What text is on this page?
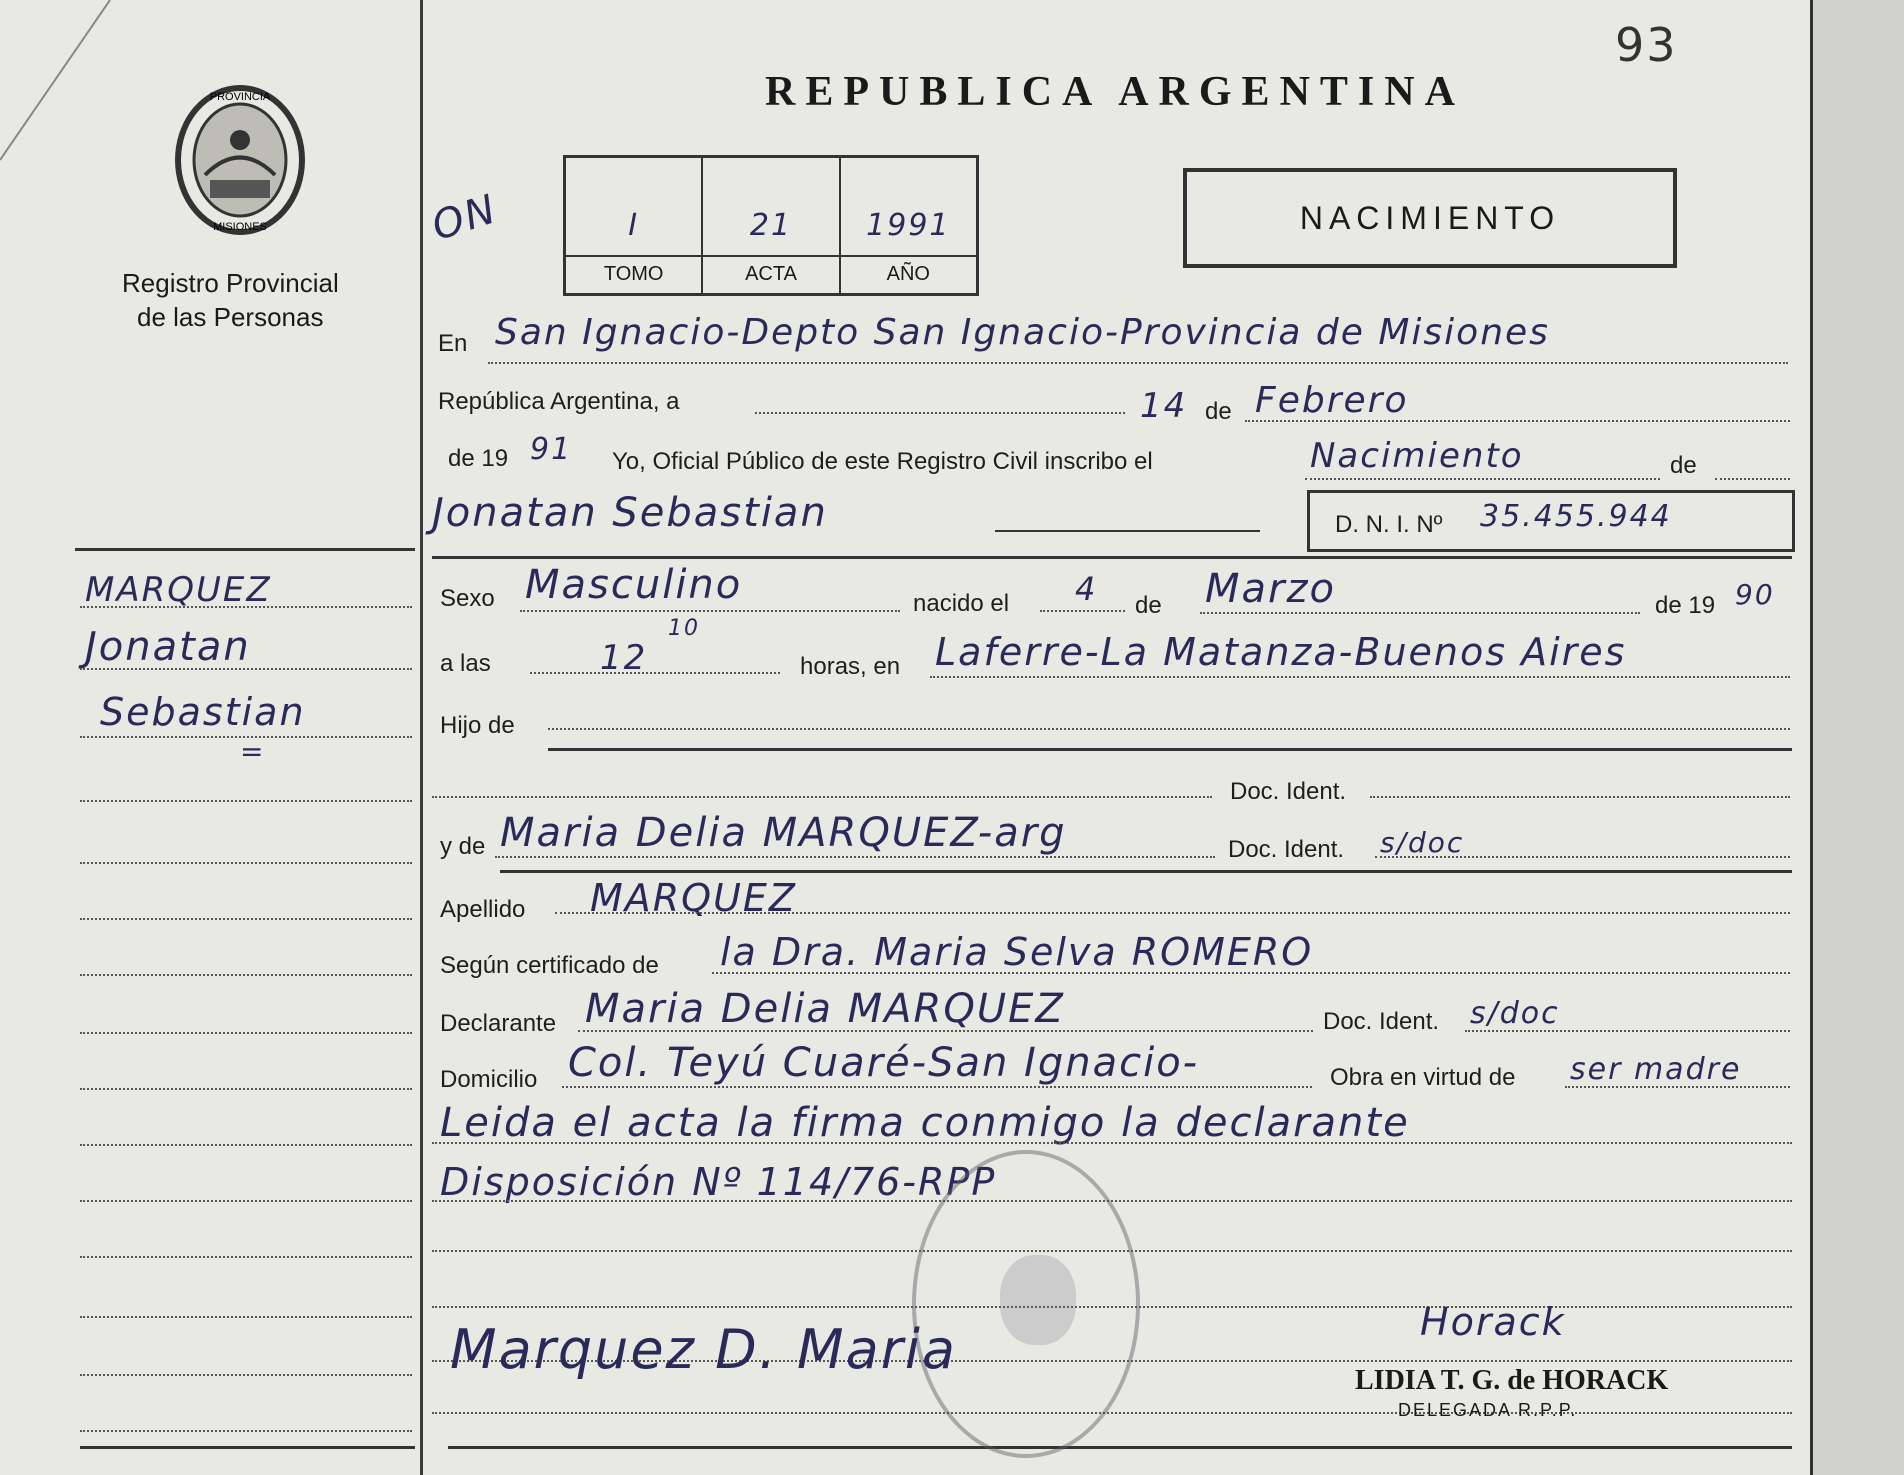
93
PROVINCIA
MISIONES
Registro Provincial
de las Personas
REPUBLICA ARGENTINA
ON	I
TOMO
21
ACTA
1991
AÑO
NACIMIENTO
MARQUEZ
Jonatan
Sebastian
=
En San Ignacio-Depto San Ignacio-Provincia de Misiones
República Argentina, a	14 de Febrero
de 19 91 Yo, Oficial Público de este Registro Civil inscribo el	Nacimiento	de
Jonatan Sebastian	D. N. I. Nº 35.455.944
Sexo Masculino	nacido el 4 de Marzo	de 19 90
a las	12
10
horas, en Laferre-La Matanza-Buenos Aires
Hijo de
Doc. Ident.
y de Maria Delia MARQUEZ-arg	Doc. Ident. s/doc
Apellido MARQUEZ
Según certificado de la Dra. Maria Selva ROMERO
Declarante Maria Delia MARQUEZ	Doc. Ident. s/doc
Domicilio Col. Teyú Cuaré-San Ignacio-	Obra en virtud de ser madre
Leida el acta la firma conmigo la declarante
Disposición Nº 114/76-RPP
Marquez D. Maria	Horack
LIDIA T. G. de HORACK
DELEGADA R.P.P.
